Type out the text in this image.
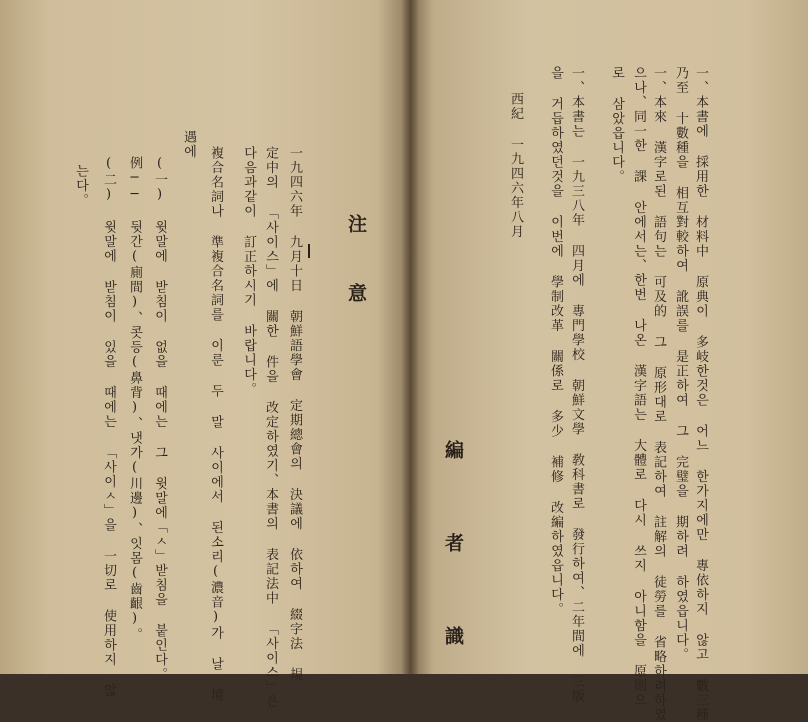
一、本書에 採用한 材料中 原典이 多岐한것은 어느 한가지에만 專依하지 않고 數三種
乃至 十數種을 相互對較하여 訛誤를 是正하여 그 完璧을 期하려 하였읍니다。
一、本來 漢字로된 語句는 可及的 그 原形대로 表記하여 註解의 徒勞를 省略하려하였
으나、同一한 課 안에서는、한번 나온 漢字語는 大體로 다시 쓰지 아니함을 原則으
로 삼았읍니다。
一、本書는 一九三八年 四月에 專門學校 朝鮮文學 敎科書로 發行하여、二年間에 三版
을 거듭하였던것을 이번에 學制改革 關係로 多少 補修 改編하였읍니다。
西紀 一九四六年八月
編 者 識
注 意
一九四六年 九月十日 朝鮮語學會 定期總會의 決議에 依하여 綴字法 規
定中의 「사이스」에 關한 件을 改定하였기、本書의 表記法中 「사이스」은
다음과같이 訂正하시기 바랍니다。
複合名詞나 準複合名詞를 이룬 두 말 사이에서 된소리(濃音)가 날 境
遇에
(一) 윗말에 받침이 없을 때에는 그 윗말에「ㅅ」받침을 붙인다。
例── 뒷간(廁間)、콧등(鼻背)、냇가(川邊)、잇몸(齒齦)。
(二) 윗말에 받침이 있을 때에는 「사이ㅅ」을 一切로 使用하지 않
는다。
